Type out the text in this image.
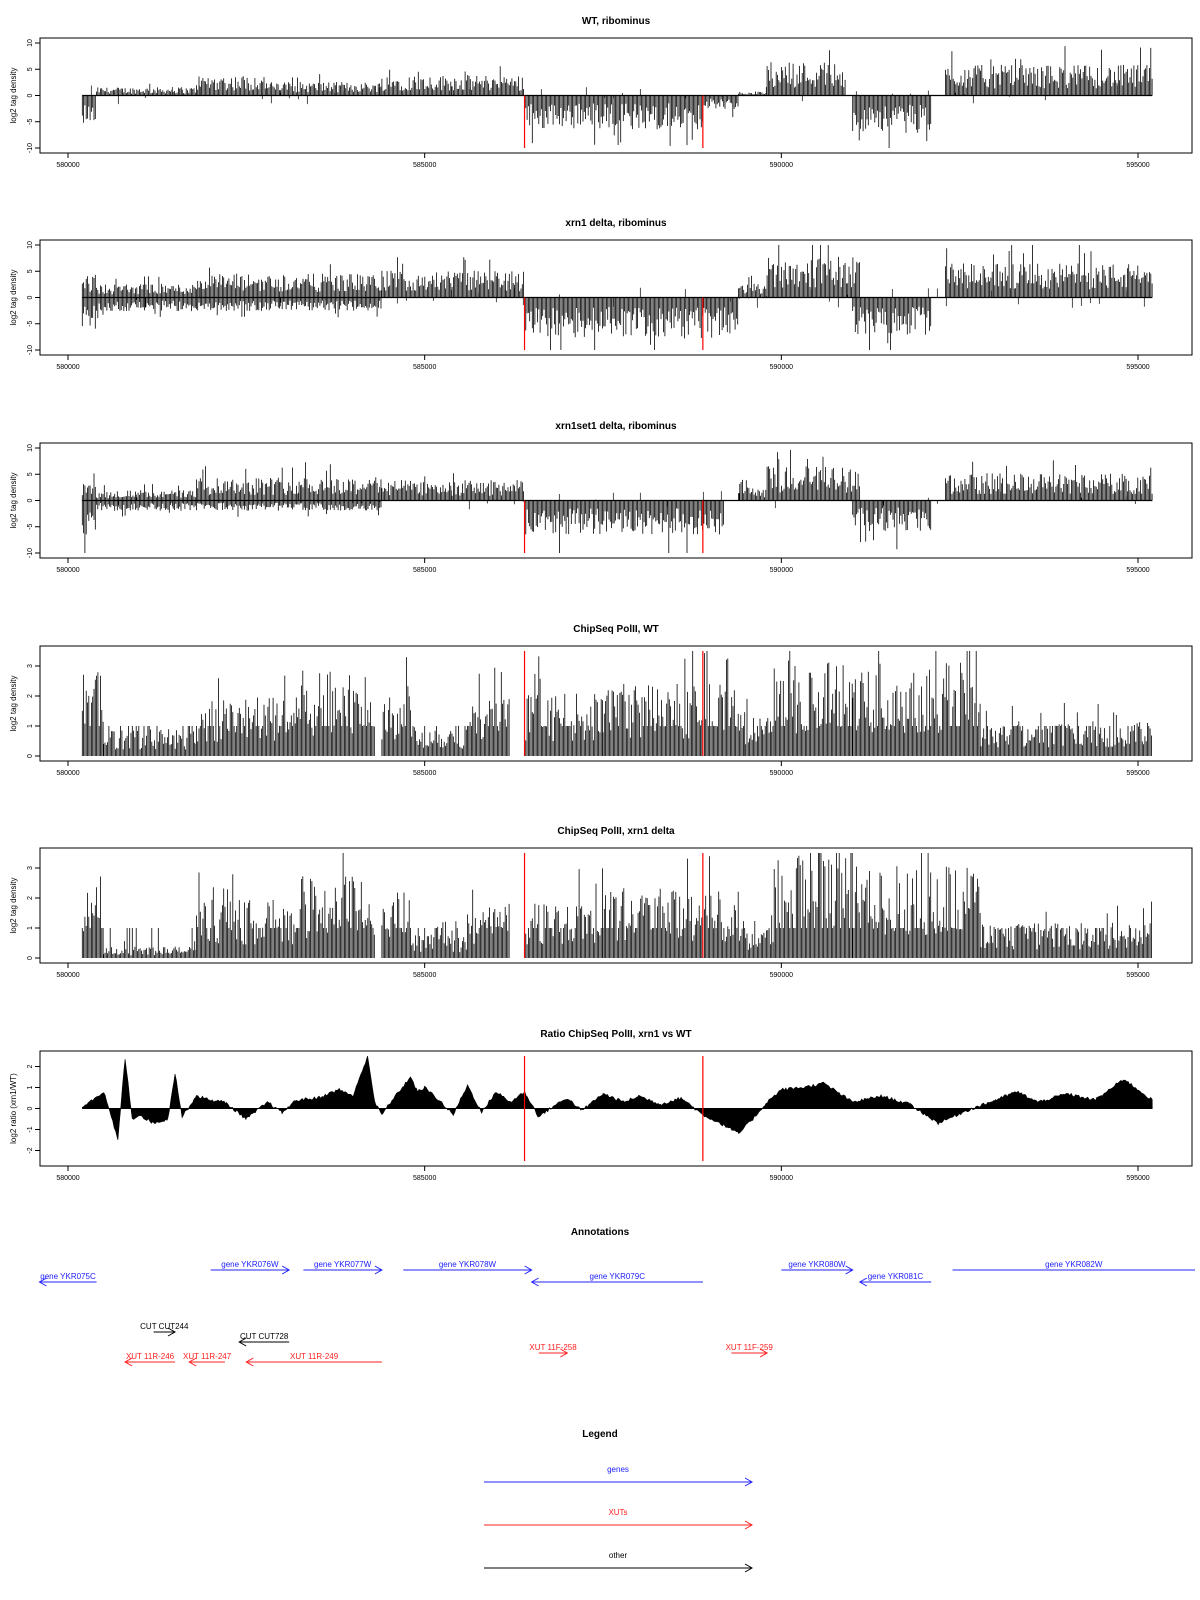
WT, ribominus
-10
-5
0
5
10
log2 tag density
580000	585000	590000	595000
xrn1 delta, ribominus
-10
-5
0
5
10
log2 tag density
580000	585000	590000	595000
xrn1set1 delta, ribominus
-10
-5
0
5
10
log2 tag density
580000	585000	590000	595000
ChipSeq PolII, WT
0
1
2
3
log2 tag density
580000	585000	590000	595000
ChipSeq PolII, xrn1 delta
0
1
2
3
log2 tag density
580000	585000	590000	595000
Ratio ChipSeq PolII, xrn1 vs WT
-2
-1
0
1
2
log2 ratio (xrn1/WT)
580000	585000	590000	595000
Annotations
gene YKR075C
gene YKR076W	gene YKR077W	gene YKR078W
gene YKR079C
gene YKR080W
gene YKR081C
gene YKR082W
CUT CUT244
CUT CUT728
XUT 11R-246 XUT 11R-247	XUT 11R-249
XUT 11F-258	XUT 11F-259
Legend
genes
XUTs
other
